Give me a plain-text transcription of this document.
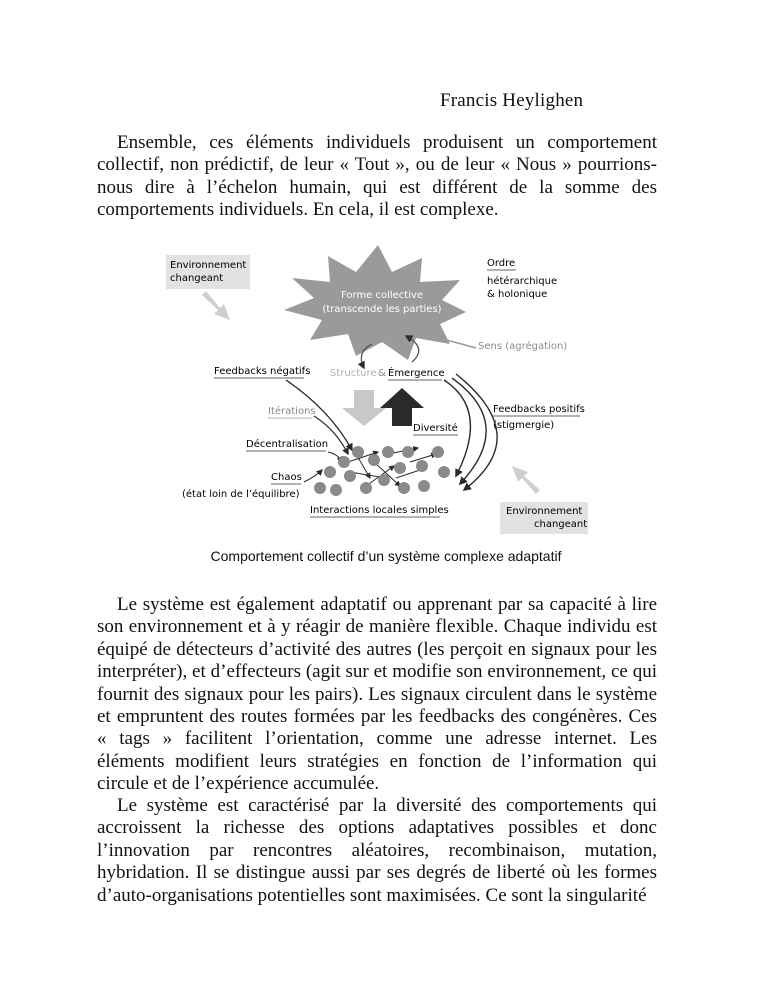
Francis Heylighen
Ensemble, ces éléments individuels produisent un comportement collectif, non prédictif, de leur « Tout », ou de leur « Nous » pourrions-nous dire à l’échelon humain, qui est différent de la somme des comportements individuels. En cela, il est complexe.
Environnement
changeant
Forme collective
(transcende les parties)
Ordre
hétérarchique
& holonique
Sens (agrégation)
Feedbacks négatifs Structure & Émergence
Itérations	Feedbacks positifs
(stigmergie)
Décentralisation
Diversité
Chaos
(état loin de l’équilibre)
Interactions locales simples	Environnement
changeant
Comportement collectif d’un système complexe adaptatif
Le système est également adaptatif ou apprenant par sa capacité à lire son environnement et à y réagir de manière flexible. Chaque individu est équipé de détecteurs d’activité des autres (les perçoit en signaux pour les interpréter), et d’effecteurs (agit sur et modifie son environnement, ce qui fournit des signaux pour les pairs). Les signaux circulent dans le système et empruntent des routes formées par les feedbacks des congénères. Ces « tags » facilitent l’orientation, comme une adresse internet. Les éléments modifient leurs stratégies en fonction de l’information qui circule et de l’expérience accumulée.
Le système est caractérisé par la diversité des comportements qui accroissent la richesse des options adaptatives possibles et donc l’innovation par rencontres aléatoires, recombinaison, mutation, hybridation. Il se distingue aussi par ses degrés de liberté où les formes d’auto-organisations potentielles sont maximisées. Ce sont la singularité
